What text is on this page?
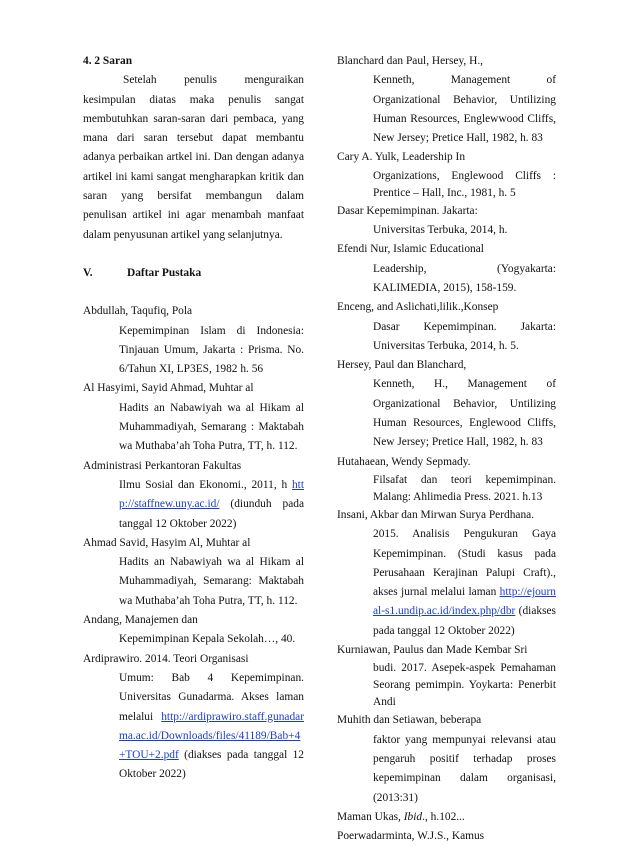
4. 2 Saran

Setelah penulis menguraikan kesimpulan diatas maka penulis sangat membutuhkan saran-saran dari pembaca, yang mana dari saran tersebut dapat membantu adanya perbaikan artkel ini. Dan dengan adanya artikel ini kami sangat mengharapkan kritik dan saran yang bersifat membangun dalam penulisan artikel ini agar menambah manfaat dalam penyusunan artikel yang selanjutnya.

V.	Daftar Pustaka

Abdullah, Taqufiq, Pola

Kepemimpinan Islam di Indonesia: Tinjauan Umum, Jakarta : Prisma. No. 6/Tahun XI, LP3ES, 1982 h. 56

Al Hasyimi, Sayid Ahmad, Muhtar al

Hadits an Nabawiyah wa al Hikam al Muhammadiyah, Semarang : Maktabah wa Muthaba’ah Toha Putra, TT, h. 112.

Administrasi Perkantoran Fakultas

Ilmu Sosial dan Ekonomi., 2011, h http://staffnew.uny.ac.id/ (diunduh pada tanggal 12 Oktober 2022)

Ahmad Savid, Hasyim Al, Muhtar al

Hadits an Nabawiyah wa al Hikam al Muhammadiyah, Semarang: Maktabah wa Muthaba’ah Toha Putra, TT, h. 112.

Andang, Manajemen dan

Kepemimpinan Kepala Sekolah…, 40.

Ardiprawiro. 2014. Teori Organisasi

Umum: Bab 4 Kepemimpinan. Universitas Gunadarma. Akses laman melalui http://ardiprawiro.staff.gunadarma.ac.id/Downloads/files/41189/Bab+4+TOU+2.pdf (diakses pada tanggal 12 Oktober 2022)

Blanchard dan Paul, Hersey, H.,

Kenneth, Management of Organizational Behavior, Untilizing Human Resources, Englewwood Cliffs, New Jersey; Pretice Hall, 1982, h. 83

Cary A. Yulk, Leadership In

Organizations, Englewood Cliffs : Prentice – Hall, Inc., 1981, h. 5

Dasar Kepemimpinan. Jakarta:

Universitas Terbuka, 2014, h.

Efendi Nur, Islamic Educational

Leadership, (Yogyakarta: KALIMEDIA, 2015), 158-159.

Enceng, and Aslichati,lilik.,Konsep

Dasar Kepemimpinan. Jakarta: Universitas Terbuka, 2014, h. 5.

Hersey, Paul dan Blanchard,

Kenneth, H., Management of Organizational Behavior, Untilizing Human Resources, Englewood Cliffs, New Jersey; Pretice Hall, 1982, h. 83

Hutahaean, Wendy Sepmady.

Filsafat dan teori kepemimpinan. Malang: Ahlimedia Press. 2021. h.13

Insani, Akbar dan Mirwan Surya Perdhana.

2015. Analisis Pengukuran Gaya Kepemimpinan. (Studi kasus pada Perusahaan Kerajinan Palupi Craft)., akses jurnal melalui laman http://ejournal-s1.undip.ac.id/index.php/dbr (diakses pada tanggal 12 Oktober 2022)

Kurniawan, Paulus dan Made Kembar Sri

budi. 2017. Asepek-aspek Pemahaman Seorang pemimpin. Yoykarta: Penerbit Andi

Muhith dan Setiawan, beberapa

faktor yang mempunyai relevansi atau pengaruh positif terhadap proses kepemimpinan dalam organisasi, (2013:31)

Maman Ukas, Ibid., h.102...

Poerwadarminta, W.J.S., Kamus
